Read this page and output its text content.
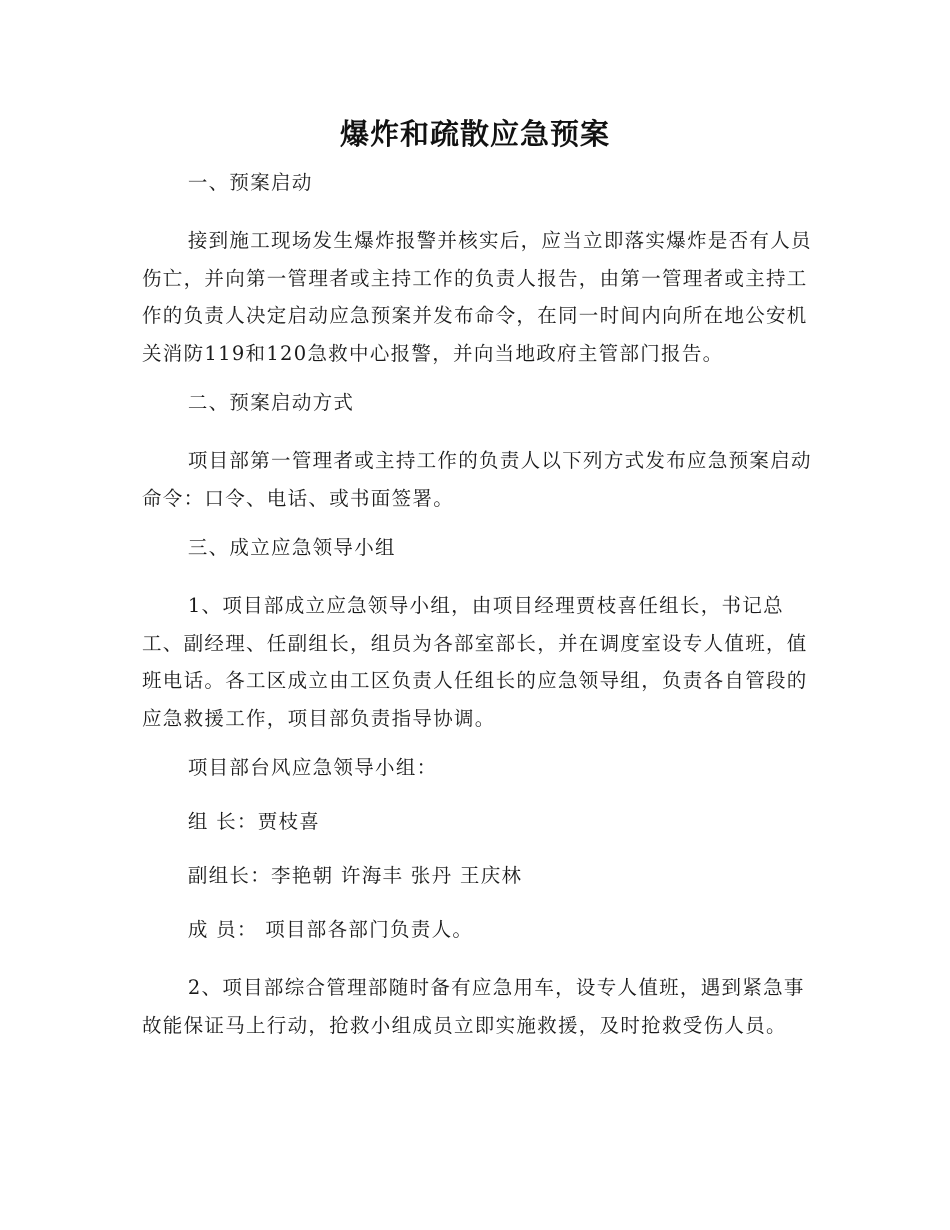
爆炸和疏散应急预案

一、预案启动

接到施工现场发生爆炸报警并核实后，应当立即落实爆炸是否有人员伤亡，并向第一管理者或主持工作的负责人报告，由第一管理者或主持工作的负责人决定启动应急预案并发布命令，在同一时间内向所在地公安机关消防119和120急救中心报警，并向当地政府主管部门报告。

二、预案启动方式

项目部第一管理者或主持工作的负责人以下列方式发布应急预案启动命令：口令、电话、或书面签署。

三、成立应急领导小组

1、项目部成立应急领导小组，由项目经理贾枝喜任组长，书记总工、副经理、任副组长，组员为各部室部长，并在调度室设专人值班，值班电话。各工区成立由工区负责人任组长的应急领导组，负责各自管段的应急救援工作，项目部负责指导协调。

项目部台风应急领导小组：

组 长：贾枝喜

副组长：李艳朝 许海丰 张丹 王庆林

成 员： 项目部各部门负责人。

2、项目部综合管理部随时备有应急用车，设专人值班，遇到紧急事故能保证马上行动，抢救小组成员立即实施救援，及时抢救受伤人员。
